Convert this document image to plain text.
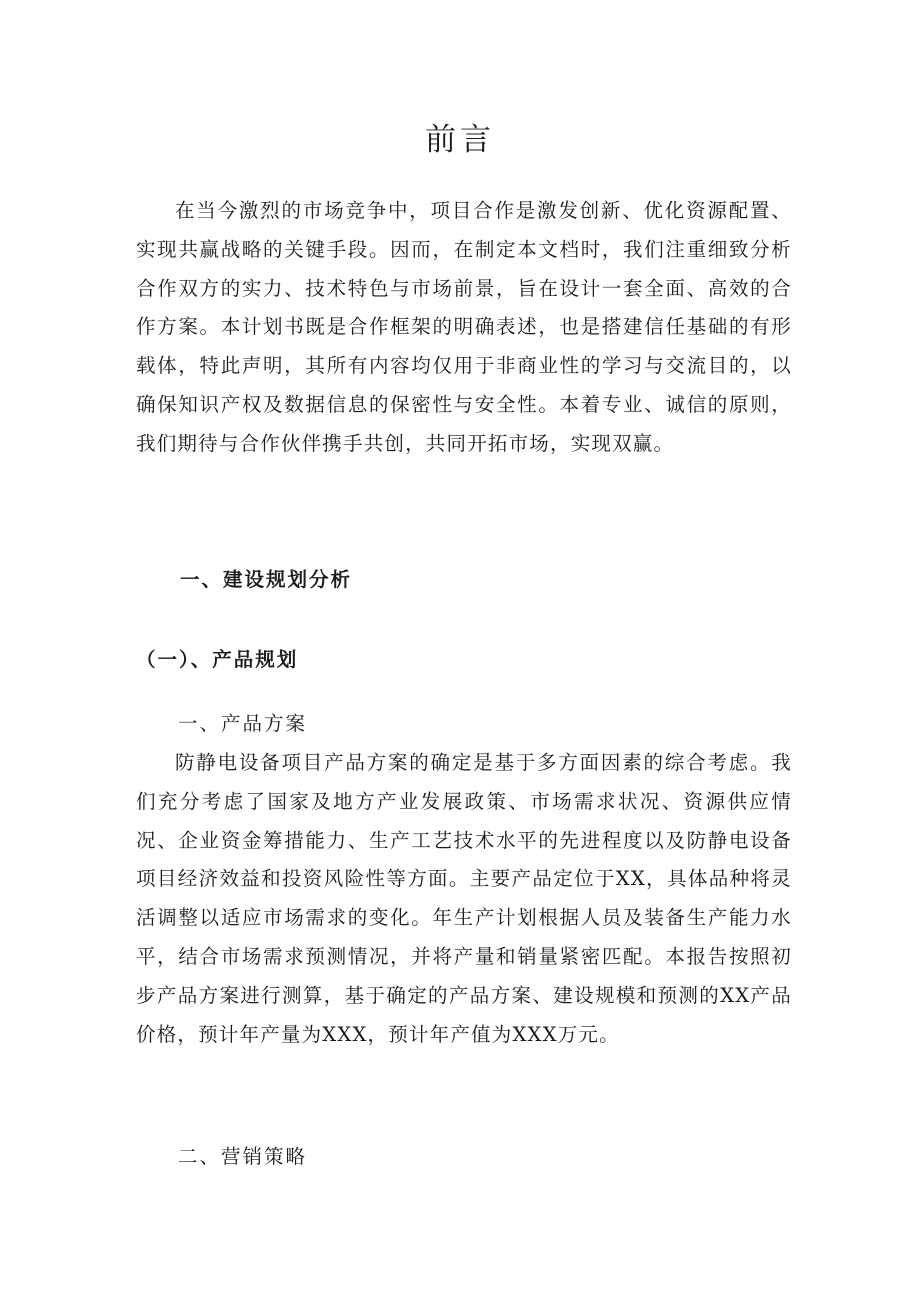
前言

在当今激烈的市场竞争中，项目合作是激发创新、优化资源配置、实现共赢战略的关键手段。因而，在制定本文档时，我们注重细致分析合作双方的实力、技术特色与市场前景，旨在设计一套全面、高效的合作方案。本计划书既是合作框架的明确表述，也是搭建信任基础的有形载体，特此声明，其所有内容均仅用于非商业性的学习与交流目的，以确保知识产权及数据信息的保密性与安全性。本着专业、诚信的原则，我们期待与合作伙伴携手共创，共同开拓市场，实现双赢。

一、建设规划分析
（一）、产品规划
一、产品方案

防静电设备项目产品方案的确定是基于多方面因素的综合考虑。我们充分考虑了国家及地方产业发展政策、市场需求状况、资源供应情况、企业资金筹措能力、生产工艺技术水平的先进程度以及防静电设备项目经济效益和投资风险性等方面。主要产品定位于XX，具体品种将灵活调整以适应市场需求的变化。年生产计划根据人员及装备生产能力水平，结合市场需求预测情况，并将产量和销量紧密匹配。本报告按照初步产品方案进行测算，基于确定的产品方案、建设规模和预测的XX产品价格，预计年产量为XXX，预计年产值为XXX万元。

二、营销策略
